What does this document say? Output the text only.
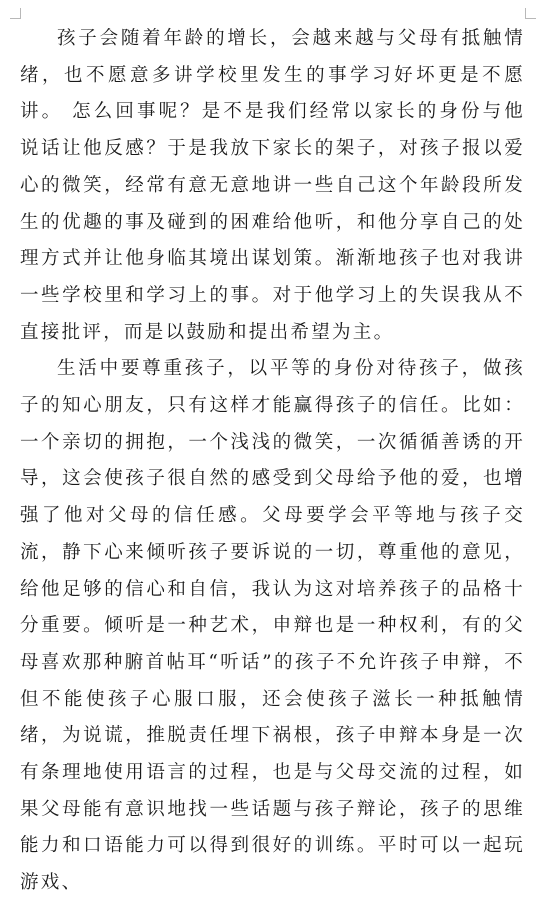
孩子会随着年龄的增长，会越来越与父母有抵触情绪，也不愿意多讲学校里发生的事学习好坏更是不愿讲。 怎么回事呢？是不是我们经常以家长的身份与他说话让他反感？于是我放下家长的架子，对孩子报以爱心的微笑，经常有意无意地讲一些自己这个年龄段所发生的优趣的事及碰到的困难给他听，和他分享自己的处理方式并让他身临其境出谋划策。渐渐地孩子也对我讲一些学校里和学习上的事。对于他学习上的失误我从不直接批评，而是以鼓励和提出希望为主。

生活中要尊重孩子，以平等的身份对待孩子，做孩子的知心朋友，只有这样才能赢得孩子的信任。比如：一个亲切的拥抱，一个浅浅的微笑，一次循循善诱的开导，这会使孩子很自然的感受到父母给予他的爱，也增强了他对父母的信任感。父母要学会平等地与孩子交流，静下心来倾听孩子要诉说的一切，尊重他的意见，给他足够的信心和自信，我认为这对培养孩子的品格十分重要。倾听是一种艺术，申辩也是一种权利，有的父母喜欢那种腑首帖耳“听话”的孩子不允许孩子申辩，不但不能使孩子心服口服，还会使孩子滋长一种抵触情绪，为说谎，推脱责任埋下祸根，孩子申辩本身是一次有条理地使用语言的过程，也是与父母交流的过程，如果父母能有意识地找一些话题与孩子辩论，孩子的思维能力和口语能力可以得到很好的训练。平时可以一起玩游戏、
